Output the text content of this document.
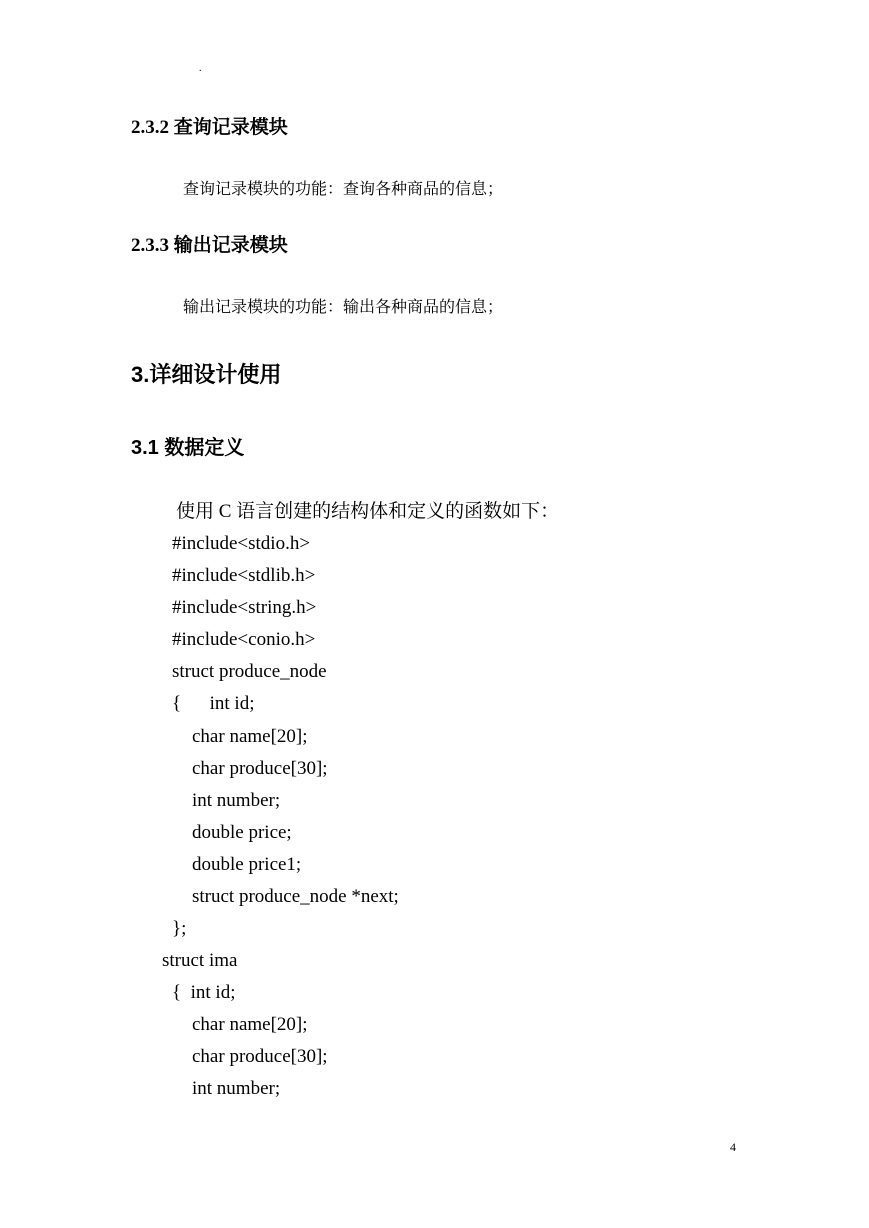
.
2.3.2 查询记录模块
查询记录模块的功能：查询各种商品的信息；
2.3.3 输出记录模块
输出记录模块的功能：输出各种商品的信息；
3.详细设计使用
3.1 数据定义
使用 C 语言创建的结构体和定义的函数如下：
#include<stdio.h>
#include<stdlib.h>
#include<string.h>
#include<conio.h>
struct produce_node
{      int id;
char name[20];
char produce[30];
int number;
double price;
double price1;
struct produce_node *next;
};
struct ima
{  int id;
char name[20];
char produce[30];
int number;
4
